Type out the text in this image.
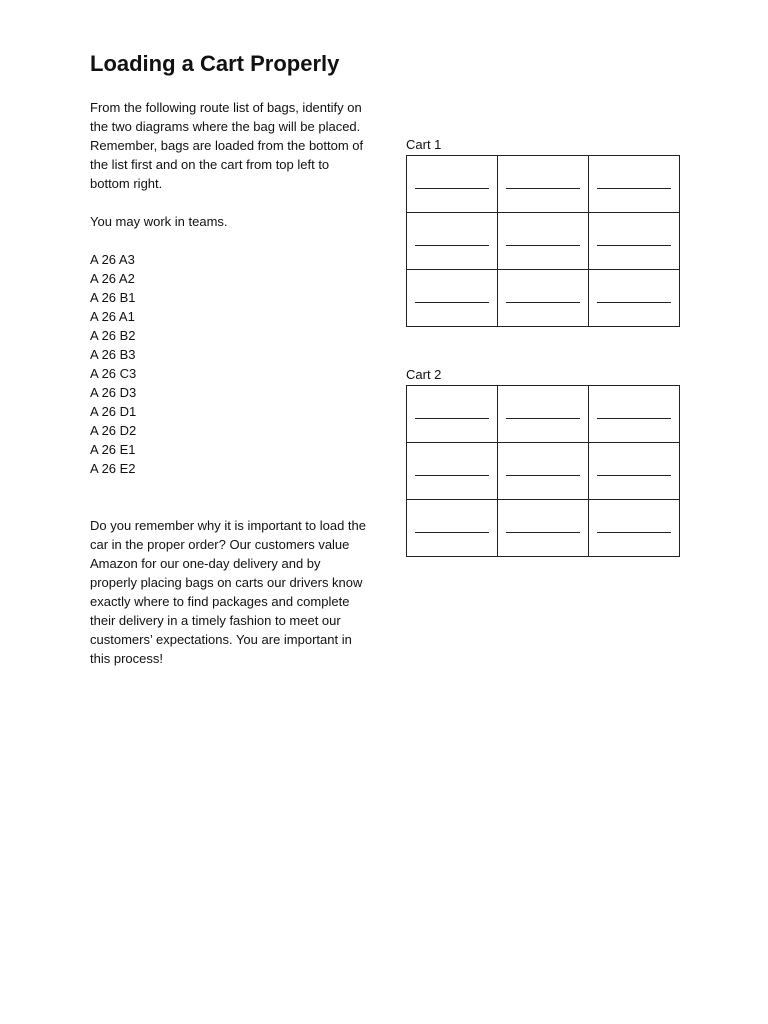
Loading a Cart Properly

From the following route list of bags, identify on the two diagrams where the bag will be placed. Remember, bags are loaded from the bottom of the list first and on the cart from top left to bottom right.

You may work in teams.

A 26 A3
A 26 A2
A 26 B1
A 26 A1
A 26 B2
A 26 B3
A 26 C3
A 26 D3
A 26 D1
A 26 D2
A 26 E1
A 26 E2

Do you remember why it is important to load the car in the proper order? Our customers value Amazon for our one-day delivery and by properly placing bags on carts our drivers know exactly where to find packages and complete their delivery in a timely fashion to meet our customers’ expectations. You are important in this process!

Cart 1

Cart 2
